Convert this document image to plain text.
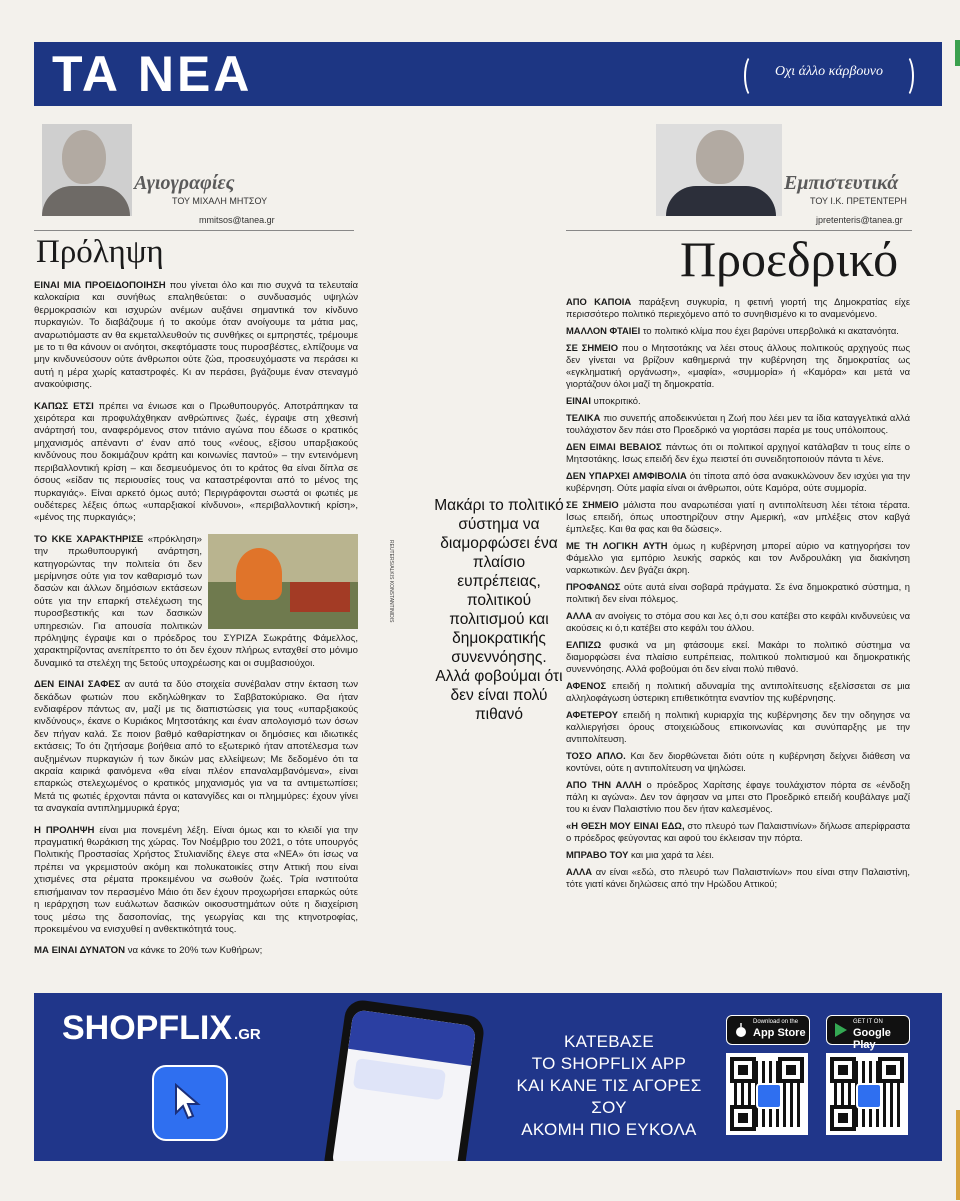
ΤΑ ΝΕΑ	Οχι άλλο κάρβουνο
Αγιογραφίες
ΤΟΥ ΜΙΧΑΛΗ ΜΗΤΣΟΥ
mmitsos@tanea.gr
Πρόληψη

ΕΙΝΑΙ ΜΙΑ ΠΡΟΕΙΔΟΠΟΙΗΣΗ που γίνεται όλο και πιο συχνά τα τελευταία καλοκαίρια και συνήθως επαληθεύεται: ο συνδυασμός υψηλών θερμοκρασιών και ισχυρών ανέμων αυξάνει σημαντικά τον κίνδυνο πυρκαγιών. Το διαβάζουμε ή το ακούμε όταν ανοίγουμε τα μάτια μας, αναρωτιόμαστε αν θα εκμεταλλευθούν τις συνθήκες οι εμπρηστές, τρέμουμε με το τι θα κάνουν οι ανόητοι, σκεφτόμαστε τους πυροσβέστες, ελπίζουμε να μην κινδυνεύσουν ούτε άνθρωποι ούτε ζώα, προσευχόμαστε να περάσει κι αυτή η μέρα χωρίς καταστροφές. Κι αν περάσει, βγάζουμε έναν στεναγμό ανακούφισης.

ΚΑΠΩΣ ΕΤΣΙ πρέπει να ένιωσε και ο Πρωθυπουργός. Αποτράπηκαν τα χειρότερα και προφυλάχθηκαν ανθρώπινες ζωές, έγραψε στη χθεσινή ανάρτησή του, αναφερόμενος στον τιτάνιο αγώνα που έδωσε ο κρατικός μηχανισμός απέναντι σ' έναν από τους «νέους, εξίσου υπαρξιακούς κινδύνους που δοκιμάζουν κράτη και κοινωνίες παντού» – την εντεινόμενη περιβαλλοντική κρίση – και δεσμευόμενος ότι το κράτος θα είναι δίπλα σε όσους «είδαν τις περιουσίες τους να καταστρέφονται από το μένος της πυρκαγιάς». Είναι αρκετό όμως αυτό; Περιγράφονται σωστά οι φωτιές με ουδέτερες λέξεις όπως «υπαρξιακοί κίνδυνοι», «περιβαλλοντική κρίση», «μένος της πυρκαγιάς»;

ΤΟ ΚΚΕ ΧΑΡΑΚΤΗΡΙΣΕ «πρόκληση» την πρωθυπουργική ανάρτηση, κατηγορώντας την πολιτεία ότι δεν μερίμνησε ούτε για τον καθαρισμό των δασών και άλλων δημόσιων εκτάσεων ούτε για την επαρκή στελέχωση της πυροσβεστικής και των δασικών υπηρεσιών. Για απουσία πολιτικών πρόληψης έγραψε και ο πρόεδρος του ΣΥΡΙΖΑ Σωκράτης Φάμελλος, χαρακτηρίζοντας ανεπίτρεπτο το ότι δεν έχουν πλήρως ενταχθεί στο μόνιμο δυναμικό τα στελέχη της 5ετούς υποχρέωσης και οι συμβασιούχοι.

ΔΕΝ ΕΙΝΑΙ ΣΑΦΕΣ αν αυτά τα δύο στοιχεία συνέβαλαν στην έκταση των δεκάδων φωτιών που εκδηλώθηκαν το Σαββατοκύριακο. Θα ήταν ενδιαφέρον πάντως αν, μαζί με τις διαπιστώσεις για τους «υπαρξιακούς κινδύνους», έκανε ο Κυριάκος Μητσοτάκης και έναν απολογισμό των όσων δεν πήγαν καλά. Σε ποιον βαθμό καθαρίστηκαν οι δημόσιες και ιδιωτικές εκτάσεις; Το ότι ζητήσαμε βοήθεια από το εξωτερικό ήταν αποτέλεσμα των αυξημένων πυρκαγιών ή των δικών μας ελλείψεων; Με δεδομένο ότι τα ακραία καιρικά φαινόμενα «θα είναι πλέον επαναλαμβανόμενα», είναι επαρκώς στελεχωμένος ο κρατικός μηχανισμός για να τα αντιμετωπίσει; Μετά τις φωτιές έρχονται πάντα οι κατανγίδες και οι πλημμύρες: έχουν γίνει τα αναγκαία αντιπλημμυρικά έργα;

Η ΠΡΟΛΗΨΗ είναι μια πονεμένη λέξη. Είναι όμως και το κλειδί για την πραγματική θωράκιση της χώρας. Τον Νοέμβριο του 2021, ο τότε υπουργός Πολιτικής Προστασίας Χρήστος Στυλιανίδης έλεγε στα «ΝΕΑ» ότι ίσως να πρέπει να γκρεμιστούν ακόμη και πολυκατοικίες στην Αττική που είναι χτισμένες στα ρέματα προκειμένου να σωθούν ζωές. Τρία ινστιτούτα επισήμαιναν τον περασμένο Μάιο ότι δεν έχουν προχωρήσει επαρκώς ούτε η ιεράρχηση των ευάλωτων δασικών οικοσυστημάτων ούτε η διαχείριση τους μέσω της δασοπονίας, της γεωργίας και της κτηνοτροφίας, προκειμένου να ενισχυθεί η ανθεκτικότητά τους.

ΜΑ ΕΙΝΑΙ ΔΥΝΑΤΟΝ να κάνκε το 20% των Κυθήρων;

REUTERS/ALKIS KONSTANTINIDIS
Εμπιστευτικά
ΤΟΥ Ι.Κ. ΠΡΕΤΕΝΤΕΡΗ
jpretenteris@tanea.gr
Προεδρικό
Μακάρι το πολιτικό σύστημα να διαμορφώσει ένα πλαίσιο ευπρέπειας, πολιτικού πολιτισμού και δημοκρατικής συνεννόησης. Αλλά φοβούμαι ότι δεν είναι πολύ πιθανό

ΑΠΟ ΚΑΠΟΙΑ παράξενη συγκυρία, η φετινή γιορτή της Δημοκρατίας είχε περισσότερο πολιτικό περιεχόμενο από το συνηθισμένο κι το αναμενόμενο.

ΜΑΛΛΟΝ ΦΤΑΙΕΙ το πολιτικό κλίμα που έχει βαρύνει υπερβολικά κι ακατανόητα.

ΣΕ ΣΗΜΕΙΟ που ο Μητσοτάκης να λέει στους άλλους πολιτικούς αρχηγούς πως δεν γίνεται να βρίζουν καθημερινά την κυβέρνηση της δημοκρατίας ως «εγκληματική οργάνωση», «μαφία», «συμμορία» ή «Καμόρα» και μετά να γιορτάζουν όλοι μαζί τη δημοκρατία.

ΕΙΝΑΙ υποκριτικό.

ΤΕΛΙΚΑ πιο συνεπής αποδεικνύεται η Ζωή που λέει μεν τα ίδια καταγγελτικά αλλά τουλάχιστον δεν πάει στο Προεδρικό να γιορτάσει παρέα με τους υπόλοιπους.

ΔΕΝ ΕΙΜΑΙ ΒΕΒΑΙΟΣ πάντως ότι οι πολιτικοί αρχηγοί κατάλαβαν τι τους είπε ο Μητσοτάκης. Ισως επειδή δεν έχω πειστεί ότι συνειδητοποιούν πάντα τι λένε.

ΔΕΝ ΥΠΑΡΧΕΙ ΑΜΦΙΒΟΛΙΑ ότι τίποτα από όσα ανακυκλώνουν δεν ισχύει για την κυβέρνηση. Ούτε μαφία είναι οι άνθρωποι, ούτε Καμόρα, ούτε συμμορία.

ΣΕ ΣΗΜΕΙΟ μάλιστα που αναρωτιέσαι γιατί η αντιπολίτευση λέει τέτοια τέρατα. Ισως επειδή, όπως υποστηρίζουν στην Αμερική, «αν μπλέξεις στον καβγά έμπλεξες. Και θα φας και θα δώσεις».

ΜΕ ΤΗ ΛΟΓΙΚΗ ΑΥΤΗ όμως η κυβέρνηση μπορεί αύριο να κατηγορήσει τον Φάμελλο για εμπόριο λευκής σαρκός και τον Ανδρουλάκη για διακίνηση ναρκωτικών. Δεν βγάζει άκρη.

ΠΡΟΦΑΝΩΣ ούτε αυτά είναι σοβαρά πράγματα. Σε ένα δημοκρατικό σύστημα, η πολιτική δεν είναι πόλεμος.

ΑΛΛΑ αν ανοίγεις το στόμα σου και λες ό,τι σου κατέβει στο κεφάλι κινδυνεύεις να ακούσεις κι ό,τι κατέβει στο κεφάλι του άλλου.

ΕΛΠΙΖΩ φυσικά να μη φτάσουμε εκεί. Μακάρι το πολιτικό σύστημα να διαμορφώσει ένα πλαίσιο ευπρέπειας, πολιτικού πολιτισμού και δημοκρατικής συνεννόησης. Αλλά φοβούμαι ότι δεν είναι πολύ πιθανό.

ΑΦΕΝΟΣ επειδή η πολιτική αδυναμία της αντιπολίτευσης εξελίσσεται σε μια αλληλοφάγωση ύστερικη επιθετικότητα εναντίον της κυβέρνησης.

ΑΦΕΤΕΡΟΥ επειδή η πολιτική κυριαρχία της κυβέρνησης δεν την οδηγησε να καλλιεργήσει όρους στοιχειώδους επικοινωνίας και συνύπαρξης με την αντιπολίτευση.

ΤΟΣΟ ΑΠΛΟ. Και δεν διορθώνεται διότι ούτε η κυβέρνηση δείχνει διάθεση να κοντύνει, ούτε η αντιπολίτευση να ψηλώσει.

ΑΠΟ ΤΗΝ ΑΛΛΗ ο πρόεδρος Χαρίτσης έφαγε τουλάχιστον πόρτα σε «ένδοξη πάλη κι αγώνα». Δεν τον άφησαν να μπει στο Προεδρικό επειδή κουβάλαγε μαζί του κι έναν Παλαιστίνιο που δεν ήταν καλεσμένος.

«Η ΘΕΣΗ ΜΟΥ ΕΙΝΑΙ ΕΔΩ, στο πλευρό των Παλαιστινίων» δήλωσε απερίφραστα ο πρόεδρος φεύγοντας και αφού του έκλεισαν την πόρτα.

ΜΠΡΑΒΟ ΤΟΥ και μια χαρά τα λέει.

ΑΛΛΑ αν είναι «εδώ, στο πλευρό των Παλαιστινίων» που είναι στην Παλαιστίνη, τότε γιατί κάνει δηλώσεις από την Ηρώδου Αττικού;

SHOPFLIX .GR	ΚΑΤΕΒΑΣΕ
ΤΟ SHOPFLIX APP
ΚΑΙ ΚΑΝΕ ΤΙΣ ΑΓΟΡΕΣ ΣΟΥ
ΑΚΟΜΗ ΠΙΟ ΕΥΚΟΛΑ
Download on the
App Store
GET IT ON
Google Play
